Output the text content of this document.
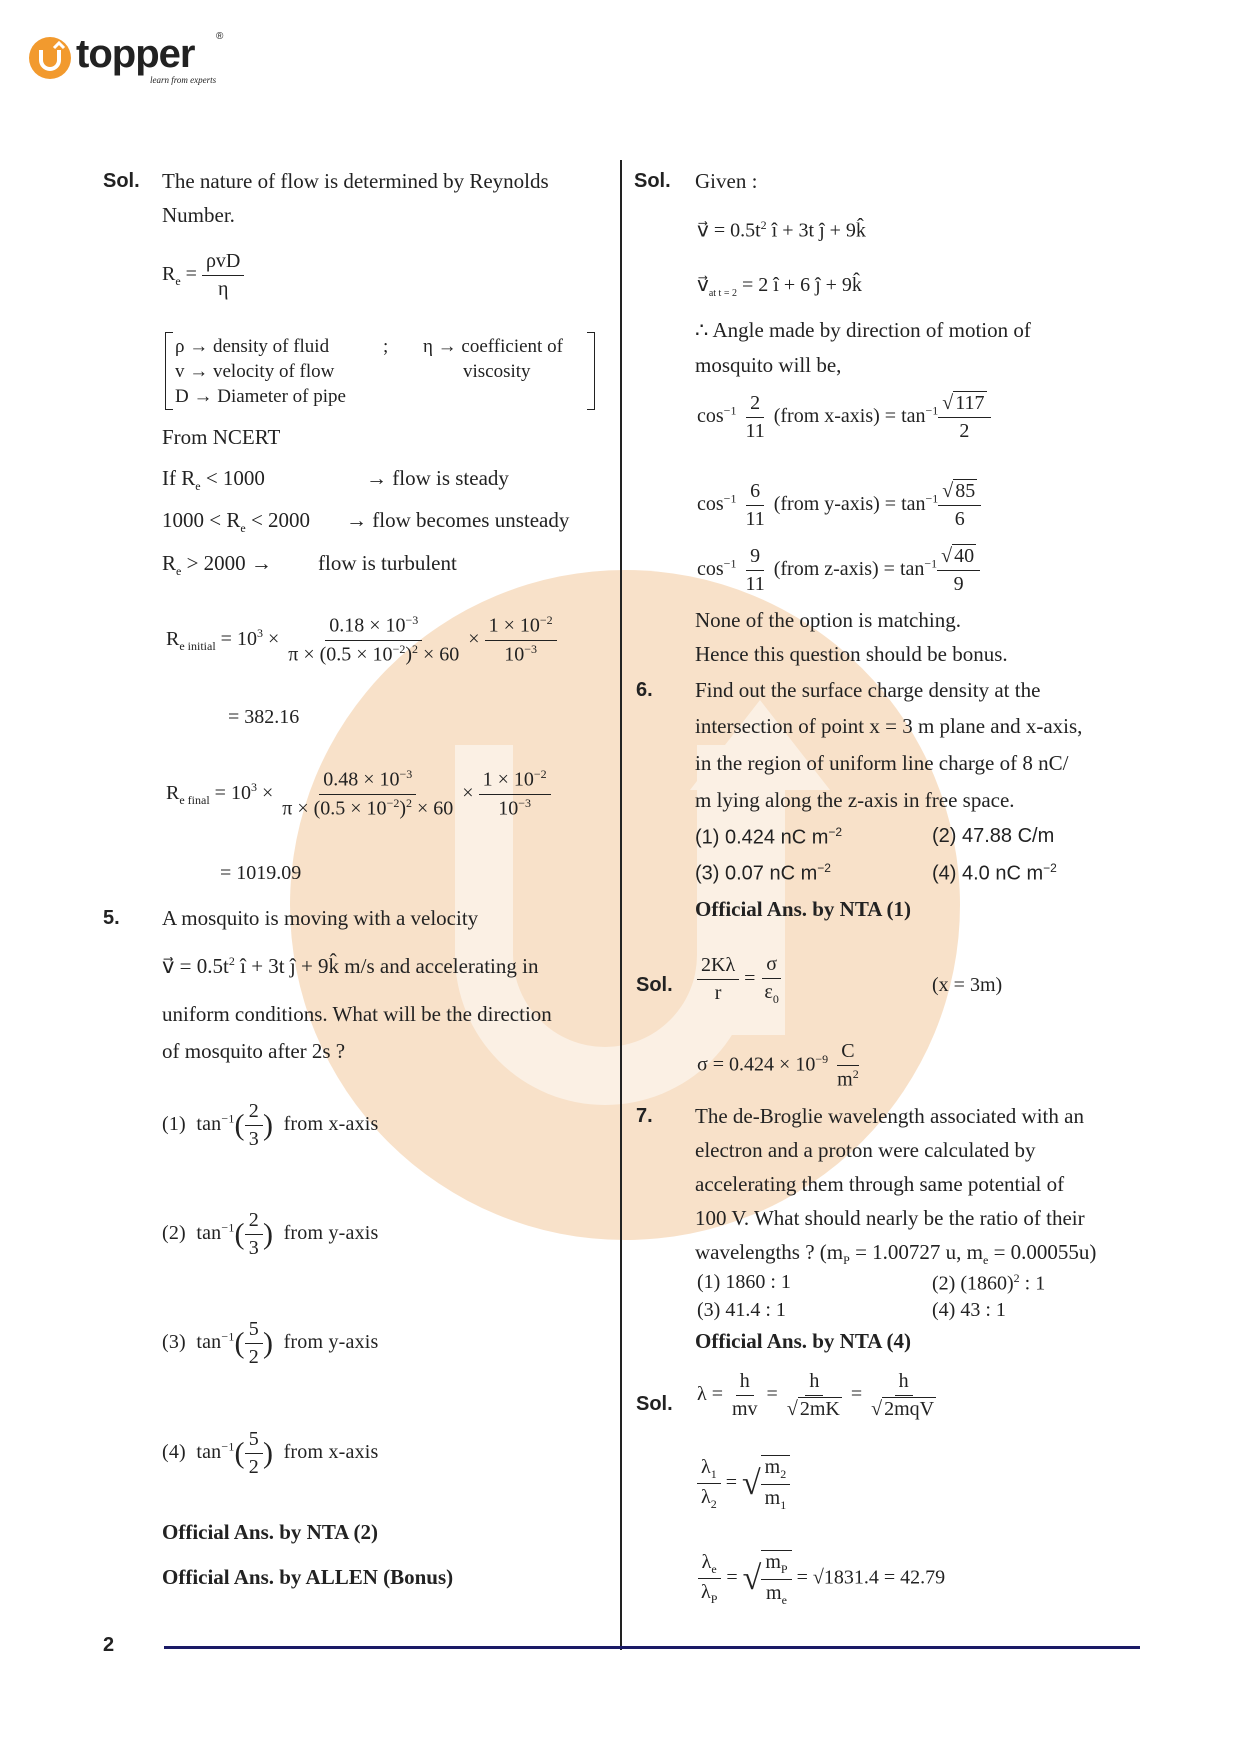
topper ®
learn from experts
Sol. The nature of flow is determined by Reynolds
Number.
$R_e = \frac{\text{ρvD}}{\eta}$
ρ → density of fluid	;
v → velocity of flow
D → Diameter of pipe
η → coefficient of
viscosity
From NCERT
If $R_e < 1000$	→ flow is steady
$1000 < R_e < 2000$ → flow becomes unsteady
$R_e > 2000$ → flow is turbulent
$R_{e initial} = 10^3 \times \frac{0.18 \times 10^{-3}}{\pi \times (0.5 \times 10^{-2})^2 \times 60} \times \frac{1 \times 10^{-2}}{10^{-3}}$
= 382.16
$R_{e final} = 10^3 \times \frac{0.48 \times 10^{-3}}{\pi \times (0.5 \times 10^{-2})^2 \times 60} \times \frac{1 \times 10^{-2}}{10^{-3}}$
= 1019.09
5. A mosquito is moving with a velocity
v⃗ = $0.5t^2$ î + 3t ĵ + 9k̂ m/s and accelerating in
uniform conditions. What will be the direction
of mosquito after 2s ?
(1) $\tan^{-1}( \frac{2}{3}$ ) from x-axis
(2) $\tan^{-1}( \frac{2}{3}$ ) from y-axis
(3) $\tan^{-1}( \frac{5}{2}$ ) from y-axis
(4) $\tan^{-1}( \frac{5}{2}$ ) from x-axis
Official Ans. by NTA (2)
Official Ans. by ALLEN (Bonus)
Sol. Given :
v⃗ = $0.5t^2$ î + 3t ĵ + 9k̂
$v⃗_{at t = 2} = 2$ î + 6 ĵ + 9k̂
∴ Angle made by direction of motion of
mosquito will be,
$\cos^{-1} \frac{2}{11}$ (from x-axis) = $\tan^{-1} \frac{√ 117}{2}$
$\cos^{-1} \frac{6}{11}$ (from y-axis) = $\tan^{-1} \frac{√ 85}{6}$
$\cos^{-1} \frac{9}{11}$ (from z-axis) = $\tan^{-1} \frac{√ 40}{9}$
None of the option is matching.
Hence this question should be bonus.
6. Find out the surface charge density at the
intersection of point x = 3 m plane and x-axis,
in the region of uniform line charge of 8 nC/
m lying along the z-axis in free space.
(1) 0.424 nC $m^{-2}$	(2) 47.88 C/m
(3) 0.07 nC $m^{-2}$	(4) 4.0 nC $m^{-2}$
Official Ans. by NTA (1)
Sol. $\frac{2K\lambda}{r} = \frac{\sigma}{\varepsilon_0}$	(x = 3m)
$\sigma = 0.424 \times 10^{-9} \frac{C}{m^2}$
7. The de-Broglie wavelength associated with an
electron and a proton were calculated by
accelerating them through same potential of
100 V. What should nearly be the ratio of their
wavelengths ? ($m_P = 1.00727$ u, $m_e = 0.00055u$)
(1) 1860 : 1	(2) $(1860)^2$ : 1
(3) 41.4 : 1	(4) 43 : 1
Official Ans. by NTA (4)
Sol. $\lambda = \frac{h}{mv} = \frac{h}{√ 2mK} = \frac{h}{\text{√ 2mqV}}$
$\frac{\lambda_1}{\lambda_2}$ = √ $\frac{m_2}{m_1}$
$\frac{\lambda_e}{\lambda_P}$ = √ $\frac{m_P}{m_e} = √1831.4 = 42.79$
2
